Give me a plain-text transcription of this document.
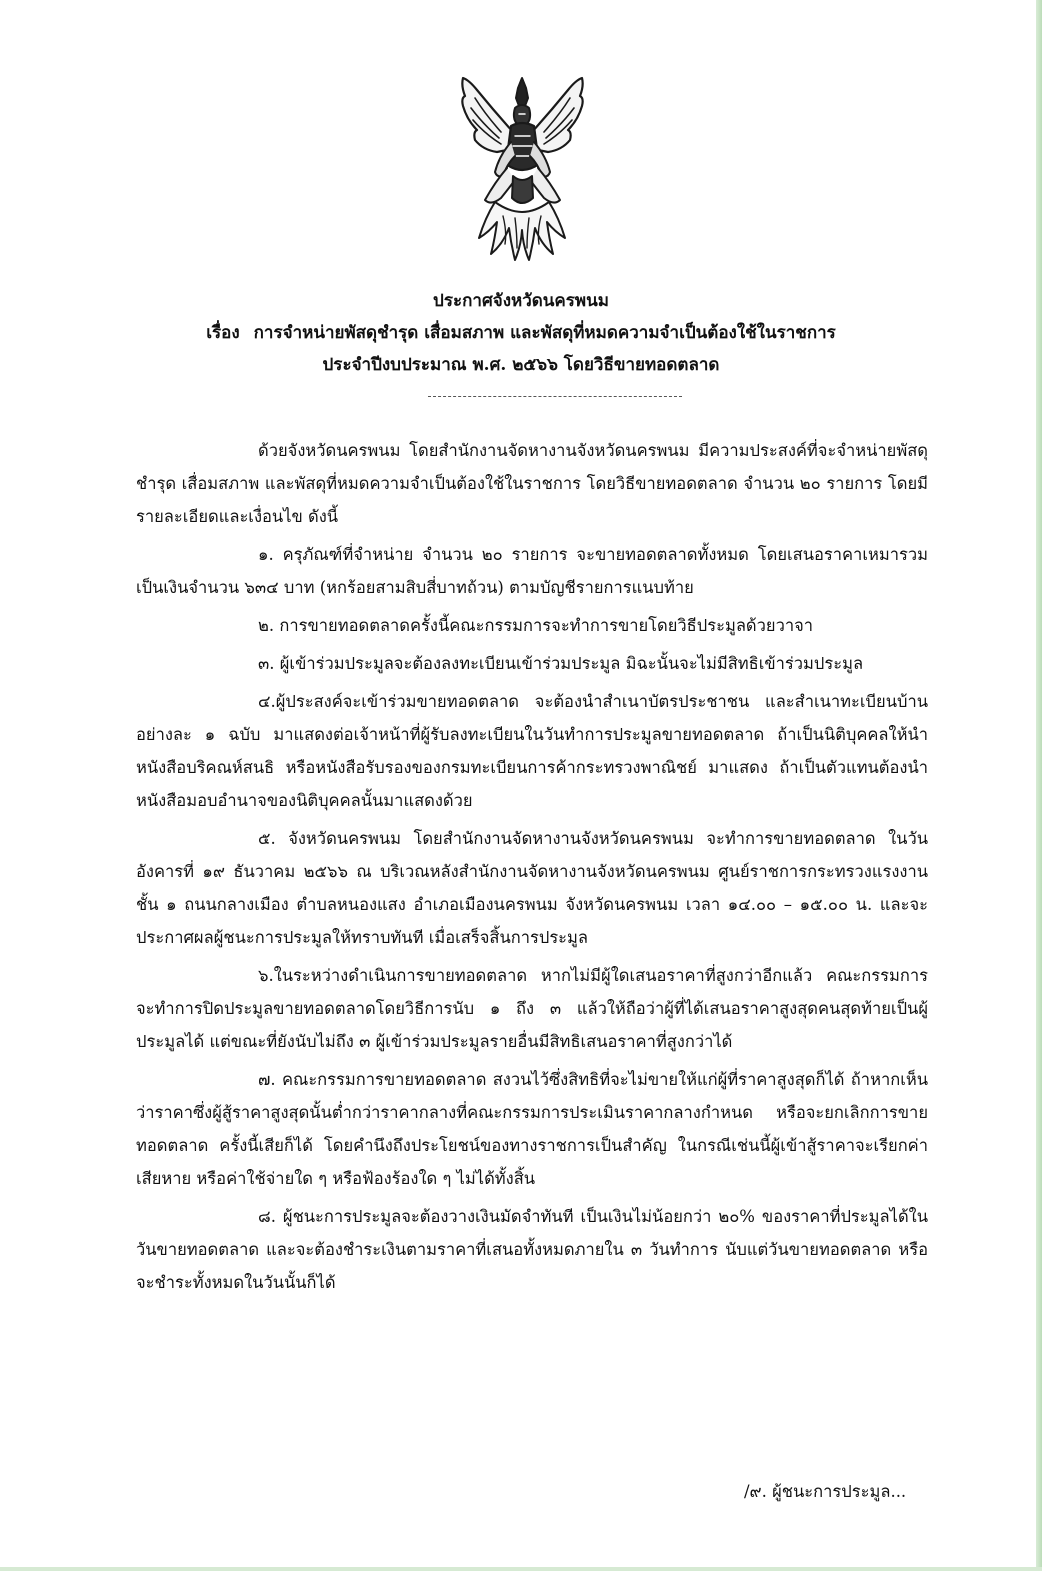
ประกาศจังหวัดนครพนม
เรื่อง การจำหน่ายพัสดุชำรุด เสื่อมสภาพ และพัสดุที่หมดความจำเป็นต้องใช้ในราชการ
ประจำปีงบประมาณ พ.ศ. ๒๕๖๖ โดยวิธีขายทอดตลาด

ด้วยจังหวัดนครพนม โดยสำนักงานจัดหางานจังหวัดนครพนม มีความประสงค์ที่จะจำหน่ายพัสดุชำรุด เสื่อมสภาพ และพัสดุที่หมดความจำเป็นต้องใช้ในราชการ โดยวิธีขายทอดตลาด จำนวน ๒๐ รายการ โดยมีรายละเอียดและเงื่อนไข ดังนี้

๑. ครุภัณฑ์ที่จำหน่าย จำนวน ๒๐ รายการ จะขายทอดตลาดทั้งหมด โดยเสนอราคาเหมารวม เป็นเงินจำนวน ๖๓๔ บาท (หกร้อยสามสิบสี่บาทถ้วน) ตามบัญชีรายการแนบท้าย

๒. การขายทอดตลาดครั้งนี้คณะกรรมการจะทำการขายโดยวิธีประมูลด้วยวาจา

๓. ผู้เข้าร่วมประมูลจะต้องลงทะเบียนเข้าร่วมประมูล มิฉะนั้นจะไม่มีสิทธิเข้าร่วมประมูล

๔.ผู้ประสงค์จะเข้าร่วมขายทอดตลาด จะต้องนำสำเนาบัตรประชาชน และสำเนาทะเบียนบ้านอย่างละ ๑ ฉบับ มาแสดงต่อเจ้าหน้าที่ผู้รับลงทะเบียนในวันทำการประมูลขายทอดตลาด ถ้าเป็นนิติบุคคลให้นำหนังสือบริคณห์สนธิ หรือหนังสือรับรองของกรมทะเบียนการค้ากระทรวงพาณิชย์ มาแสดง ถ้าเป็นตัวแทนต้องนำหนังสือมอบอำนาจของนิติบุคคลนั้นมาแสดงด้วย

๕. จังหวัดนครพนม โดยสำนักงานจัดหางานจังหวัดนครพนม จะทำการขายทอดตลาด ในวันอังคารที่ ๑๙ ธันวาคม ๒๕๖๖ ณ บริเวณหลังสำนักงานจัดหางานจังหวัดนครพนม ศูนย์ราชการกระทรวงแรงงาน ชั้น ๑ ถนนกลางเมือง ตำบลหนองแสง อำเภอเมืองนครพนม จังหวัดนครพนม เวลา ๑๔.๐๐ – ๑๕.๐๐ น. และจะประกาศผลผู้ชนะการประมูลให้ทราบทันที เมื่อเสร็จสิ้นการประมูล

๖.ในระหว่างดำเนินการขายทอดตลาด หากไม่มีผู้ใดเสนอราคาที่สูงกว่าอีกแล้ว คณะกรรมการจะทำการปิดประมูลขายทอดตลาดโดยวิธีการนับ ๑ ถึง ๓ แล้วให้ถือว่าผู้ที่ได้เสนอราคาสูงสุดคนสุดท้ายเป็นผู้ประมูลได้ แต่ขณะที่ยังนับไม่ถึง ๓ ผู้เข้าร่วมประมูลรายอื่นมีสิทธิเสนอราคาที่สูงกว่าได้

๗. คณะกรรมการขายทอดตลาด สงวนไว้ซึ่งสิทธิที่จะไม่ขายให้แก่ผู้ที่ราคาสูงสุดก็ได้ ถ้าหากเห็นว่าราคาซึ่งผู้สู้ราคาสูงสุดนั้นต่ำกว่าราคากลางที่คณะกรรมการประเมินราคากลางกำหนด หรือจะยกเลิกการขายทอดตลาด ครั้งนี้เสียก็ได้ โดยคำนึงถึงประโยชน์ของทางราชการเป็นสำคัญ ในกรณีเช่นนี้ผู้เข้าสู้ราคาจะเรียกค่าเสียหาย หรือค่าใช้จ่ายใด ๆ หรือฟ้องร้องใด ๆ ไม่ได้ทั้งสิ้น

๘. ผู้ชนะการประมูลจะต้องวางเงินมัดจำทันที เป็นเงินไม่น้อยกว่า ๒๐% ของราคาที่ประมูลได้ในวันขายทอดตลาด และจะต้องชำระเงินตามราคาที่เสนอทั้งหมดภายใน ๓ วันทำการ นับแต่วันขายทอดตลาด หรือจะชำระทั้งหมดในวันนั้นก็ได้

/๙. ผู้ชนะการประมูล...
